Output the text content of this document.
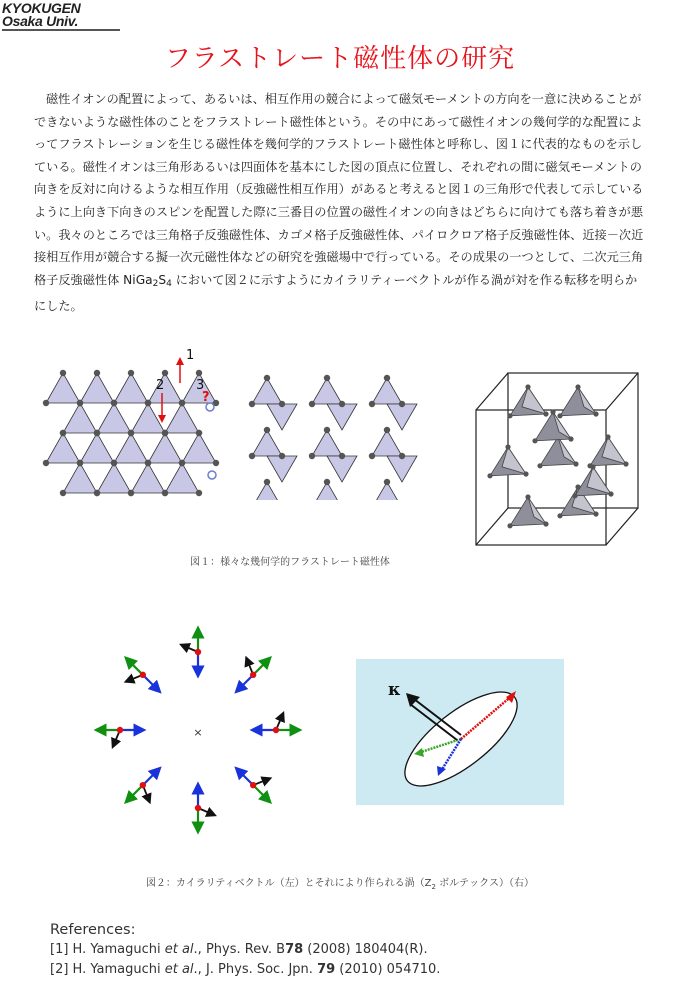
KYOKUGEN
Osaka Univ.
フラストレート磁性体の研究
磁性イオンの配置によって、あるいは、相互作用の競合によって磁気モーメントの方向を一意に決めることができないような磁性体のことをフラストレート磁性体という。その中にあって磁性イオンの幾何学的な配置によってフラストレーションを生じる磁性体を幾何学的フラストレート磁性体と呼称し、図１に代表的なものを示している。磁性イオンは三角形あるいは四面体を基本にした図の頂点に位置し、それぞれの間に磁気モーメントの向きを反対に向けるような相互作用（反強磁性相互作用）があると考えると図１の三角形で代表して示しているように上向き下向きのスピンを配置した際に三番目の位置の磁性イオンの向きはどちらに向けても落ち着きが悪い。我々のところでは三角格子反強磁性体、カゴメ格子反強磁性体、パイロクロア格子反強磁性体、近接－次近接相互作用が競合する擬一次元磁性体などの研究を強磁場中で行っている。その成果の一つとして、二次元三角格子反強磁性体 $NiGa_2S_4$ において図２に示すようにカイラリティーベクトルが作る渦が対を作る転移を明らかにした。
1
2 3
?
図１：様々な幾何学的フラストレート磁性体
×
κ
図２：カイラリティベクトル（左）とそれにより作られる渦（$Z_2$ ボルテックス）（右）
References:
[1] H. Yamaguchi et al., Phys. Rev. B78 (2008) 180404(R).
[2] H. Yamaguchi et al., J. Phys. Soc. Jpn. 79 (2010) 054710.
